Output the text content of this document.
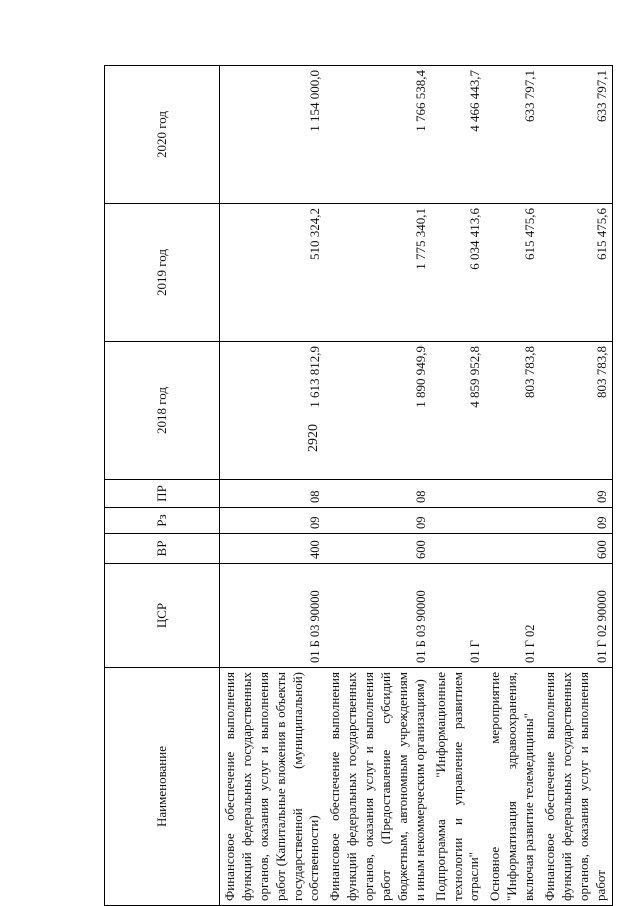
2920
Наименование	ЦСР	ВР	Рз	ПР	2018 год	2019 год	2020 год
Финансовое обеспечение выполнения функций федеральных государственных органов, оказания услуг и выполнения работ (Капитальные вложения в объекты государственной (муниципальной) собственности)	01 Б 03 90000	400	09	08	1 613 812,9	510 324,2	1 154 000,0
Финансовое обеспечение выполнения функций федеральных государственных органов, оказания услуг и выполнения работ (Предоставление субсидий бюджетным, автономным учреждениям и иным некоммерческим организациям)	01 Б 03 90000	600	09	08	1 890 949,9	1 775 340,1	1 766 538,4
Подпрограмма "Информационные технологии и управление развитием отрасли"	01 Г				4 859 952,8	6 034 413,6	4 466 443,7
Основное мероприятие "Информатизация здравоохранения, включая развитие телемедицины"	01 Г 02				803 783,8	615 475,6	633 797,1
Финансовое обеспечение выполнения функций федеральных государственных органов, оказания услуг и выполнения работ	01 Г 02 90000	600	09	09	803 783,8	615 475,6	633 797,1
